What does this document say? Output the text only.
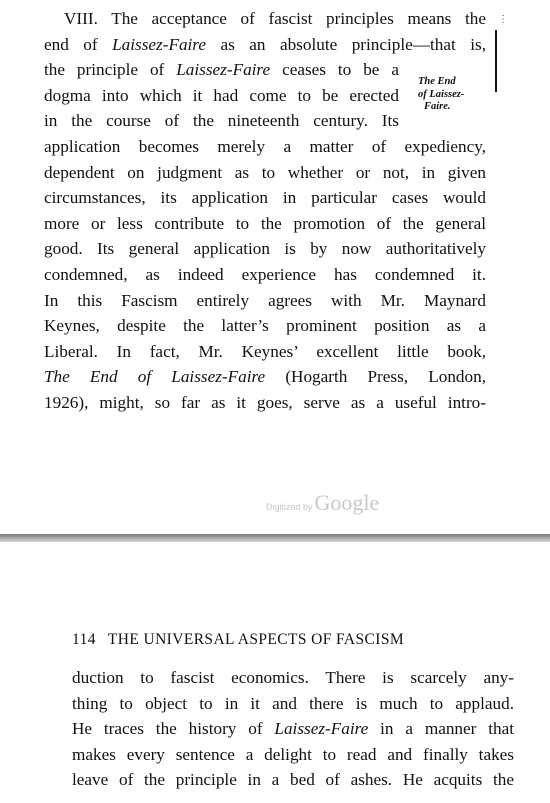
⋮
VIII. The acceptance of fascist principles means the
end of Laissez-Faire as an absolute principle—that is,
the principle of Laissez-Faire ceases to be a
dogma into which it had come to be erected
in the course of the nineteenth century. Its
application becomes merely a matter of expediency,
dependent on judgment as to whether or not, in given
circumstances, its application in particular cases would
more or less contribute to the promotion of the general
good. Its general application is by now authoritatively
condemned, as indeed experience has condemned it.
In this Fascism entirely agrees with Mr. Maynard
Keynes, despite the latter’s prominent position as a
Liberal. In fact, Mr. Keynes’ excellent little book,
The End of Laissez-Faire (Hogarth Press, London,
1926), might, so far as it goes, serve as a useful intro-
The End
of Laissez-
Faire.
Digitized byGoogle
114 THE UNIVERSAL ASPECTS OF FASCISM
duction to fascist economics. There is scarcely any-
thing to object to in it and there is much to applaud.
He traces the history of Laissez-Faire in a manner that
makes every sentence a delight to read and finally takes
leave of the principle in a bed of ashes. He acquits the
